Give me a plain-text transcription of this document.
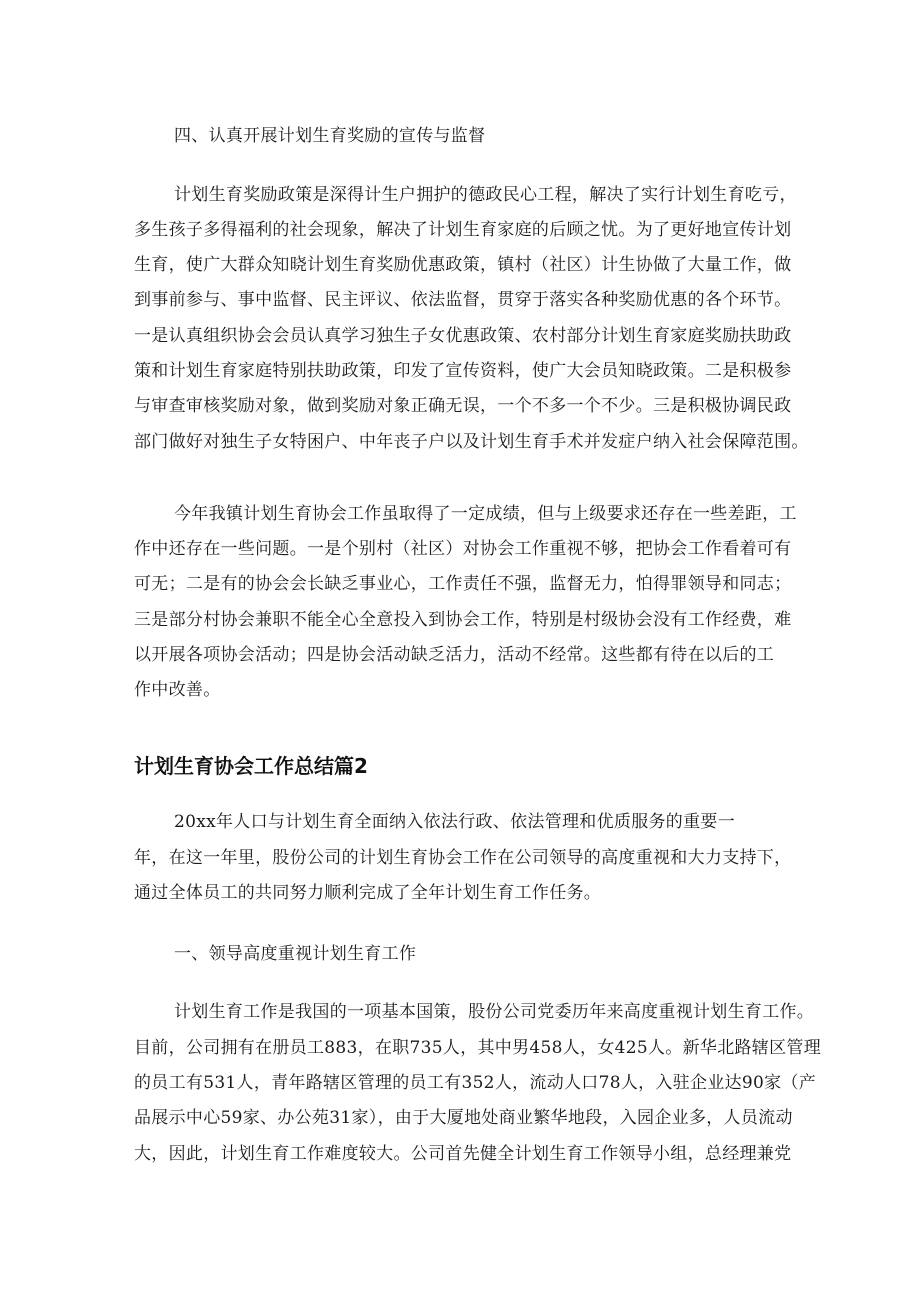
四、认真开展计划生育奖励的宣传与监督
计划生育奖励政策是深得计生户拥护的德政民心工程，解决了实行计划生育吃亏，
多生孩子多得福利的社会现象，解决了计划生育家庭的后顾之忧。为了更好地宣传计划
生育，使广大群众知晓计划生育奖励优惠政策，镇村（社区）计生协做了大量工作，做
到事前参与、事中监督、民主评议、依法监督，贯穿于落实各种奖励优惠的各个环节。
一是认真组织协会会员认真学习独生子女优惠政策、农村部分计划生育家庭奖励扶助政
策和计划生育家庭特别扶助政策，印发了宣传资料，使广大会员知晓政策。二是积极参
与审查审核奖励对象，做到奖励对象正确无误，一个不多一个不少。三是积极协调民政
部门做好对独生子女特困户、中年丧子户以及计划生育手术并发症户纳入社会保障范围。
今年我镇计划生育协会工作虽取得了一定成绩，但与上级要求还存在一些差距，工
作中还存在一些问题。一是个别村（社区）对协会工作重视不够，把协会工作看着可有
可无；二是有的协会会长缺乏事业心，工作责任不强，监督无力，怕得罪领导和同志；
三是部分村协会兼职不能全心全意投入到协会工作，特别是村级协会没有工作经费，难
以开展各项协会活动；四是协会活动缺乏活力，活动不经常。这些都有待在以后的工
作中改善。
计划生育协会工作总结篇2
20xx年人口与计划生育全面纳入依法行政、依法管理和优质服务的重要一
年，在这一年里，股份公司的计划生育协会工作在公司领导的高度重视和大力支持下，
通过全体员工的共同努力顺利完成了全年计划生育工作任务。
一、领导高度重视计划生育工作
计划生育工作是我国的一项基本国策，股份公司党委历年来高度重视计划生育工作。
目前，公司拥有在册员工883，在职735人，其中男458人，女425人。新华北路辖区管理
的员工有531人，青年路辖区管理的员工有352人，流动人口78人，入驻企业达90家（产
品展示中心59家、办公苑31家），由于大厦地处商业繁华地段，入园企业多，人员流动
大，因此，计划生育工作难度较大。公司首先健全计划生育工作领导小组，总经理兼党
